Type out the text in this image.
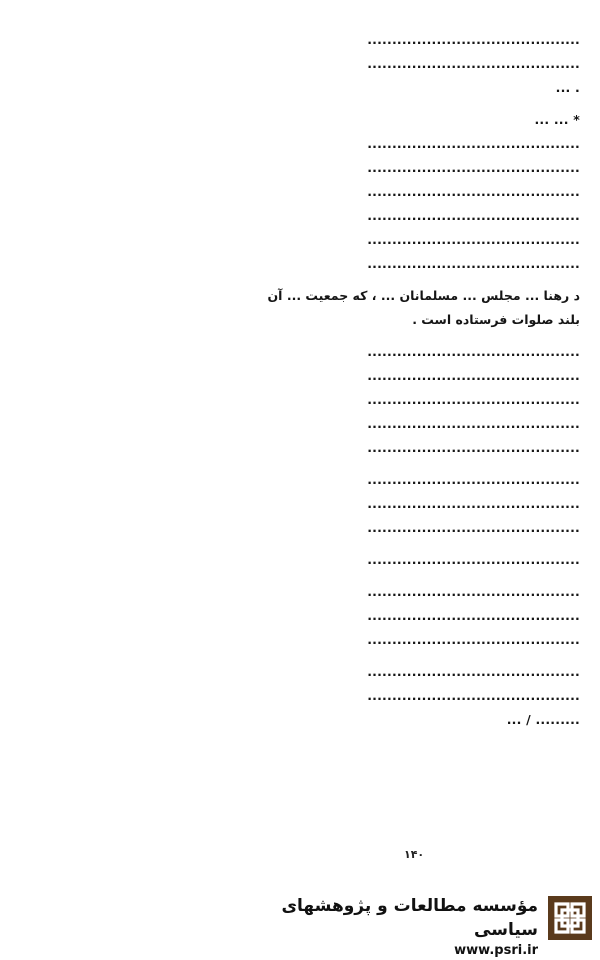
...........................................
...........................................
. ...
* ... ...
...........................................
...........................................
...........................................
...........................................
...........................................
...........................................
د رهنا ... مجلس ... مسلمانان ... ، که جمعیت ... آن
بلند صلوات فرستاده است .
...........................................
...........................................
...........................................
...........................................
...........................................
...........................................
...........................................
...........................................
...........................................
...........................................
...........................................
...........................................
...........................................
...........................................
......... / ...
۱۴۰
مؤسسه مطالعات و پژوهشهای سیاسی
www.psri.ir
